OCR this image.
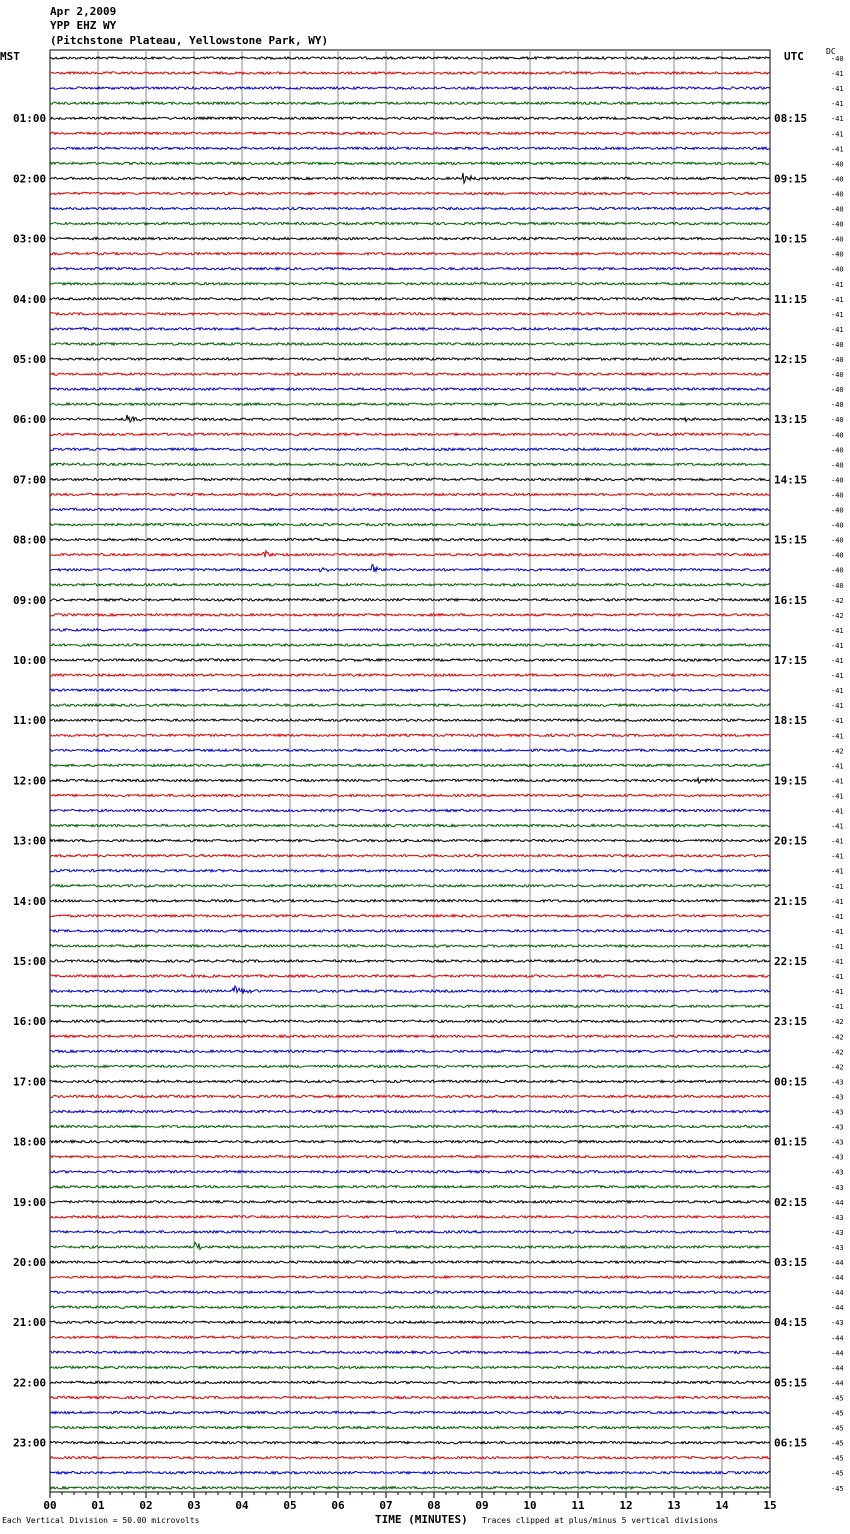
Apr 2,2009
YPP EHZ WY
(Pitchstone Plateau, Yellowstone Park, WY)
MST	UTC	DC
-40
-41
-41
-41
-41
-41
-41
-40
-40
-40
-40
-40
-40
-40
-40
-41
-41
-41
-41
-40
-40
-40
-40
-40
-40
-40
-40
-40
-40
-40
-40
-40
-40
-40
-40
-40
-42
-42
-41
-41
-41
-41
-41
-41
-41
-41
-42
-41
-41
-41
-41
-41
-41
-41
-41
-41
-41
-41
-41
-41
-41
-41
-41
-41
-42
-42
-42
-42
-43
-43
-43
-43
-43
-43
-43
-43
-44
-43
-43
-43
-44
-44
-44
-44
-43
-44
-44
-44
-44
-45
-45
-45
-45
-45
-45
-45
01:00	08:15
02:00	09:15
03:00	10:15
04:00	11:15
05:00	12:15
06:00	13:15
07:00	14:15
08:00	15:15
09:00	16:15
10:00	17:15
11:00	18:15
12:00	19:15
13:00	20:15
14:00	21:15
15:00	22:15
16:00	23:15
17:00	00:15
18:00	01:15
19:00	02:15
20:00	03:15
21:00	04:15
22:00	05:15
23:00	06:15
00	01	02	03	04	05	06	07	08	09	10	11	12	13	14	15
Each Vertical Division = 50.00 microvolts	TIME (MINUTES) Traces clipped at plus/minus 5 vertical divisions
